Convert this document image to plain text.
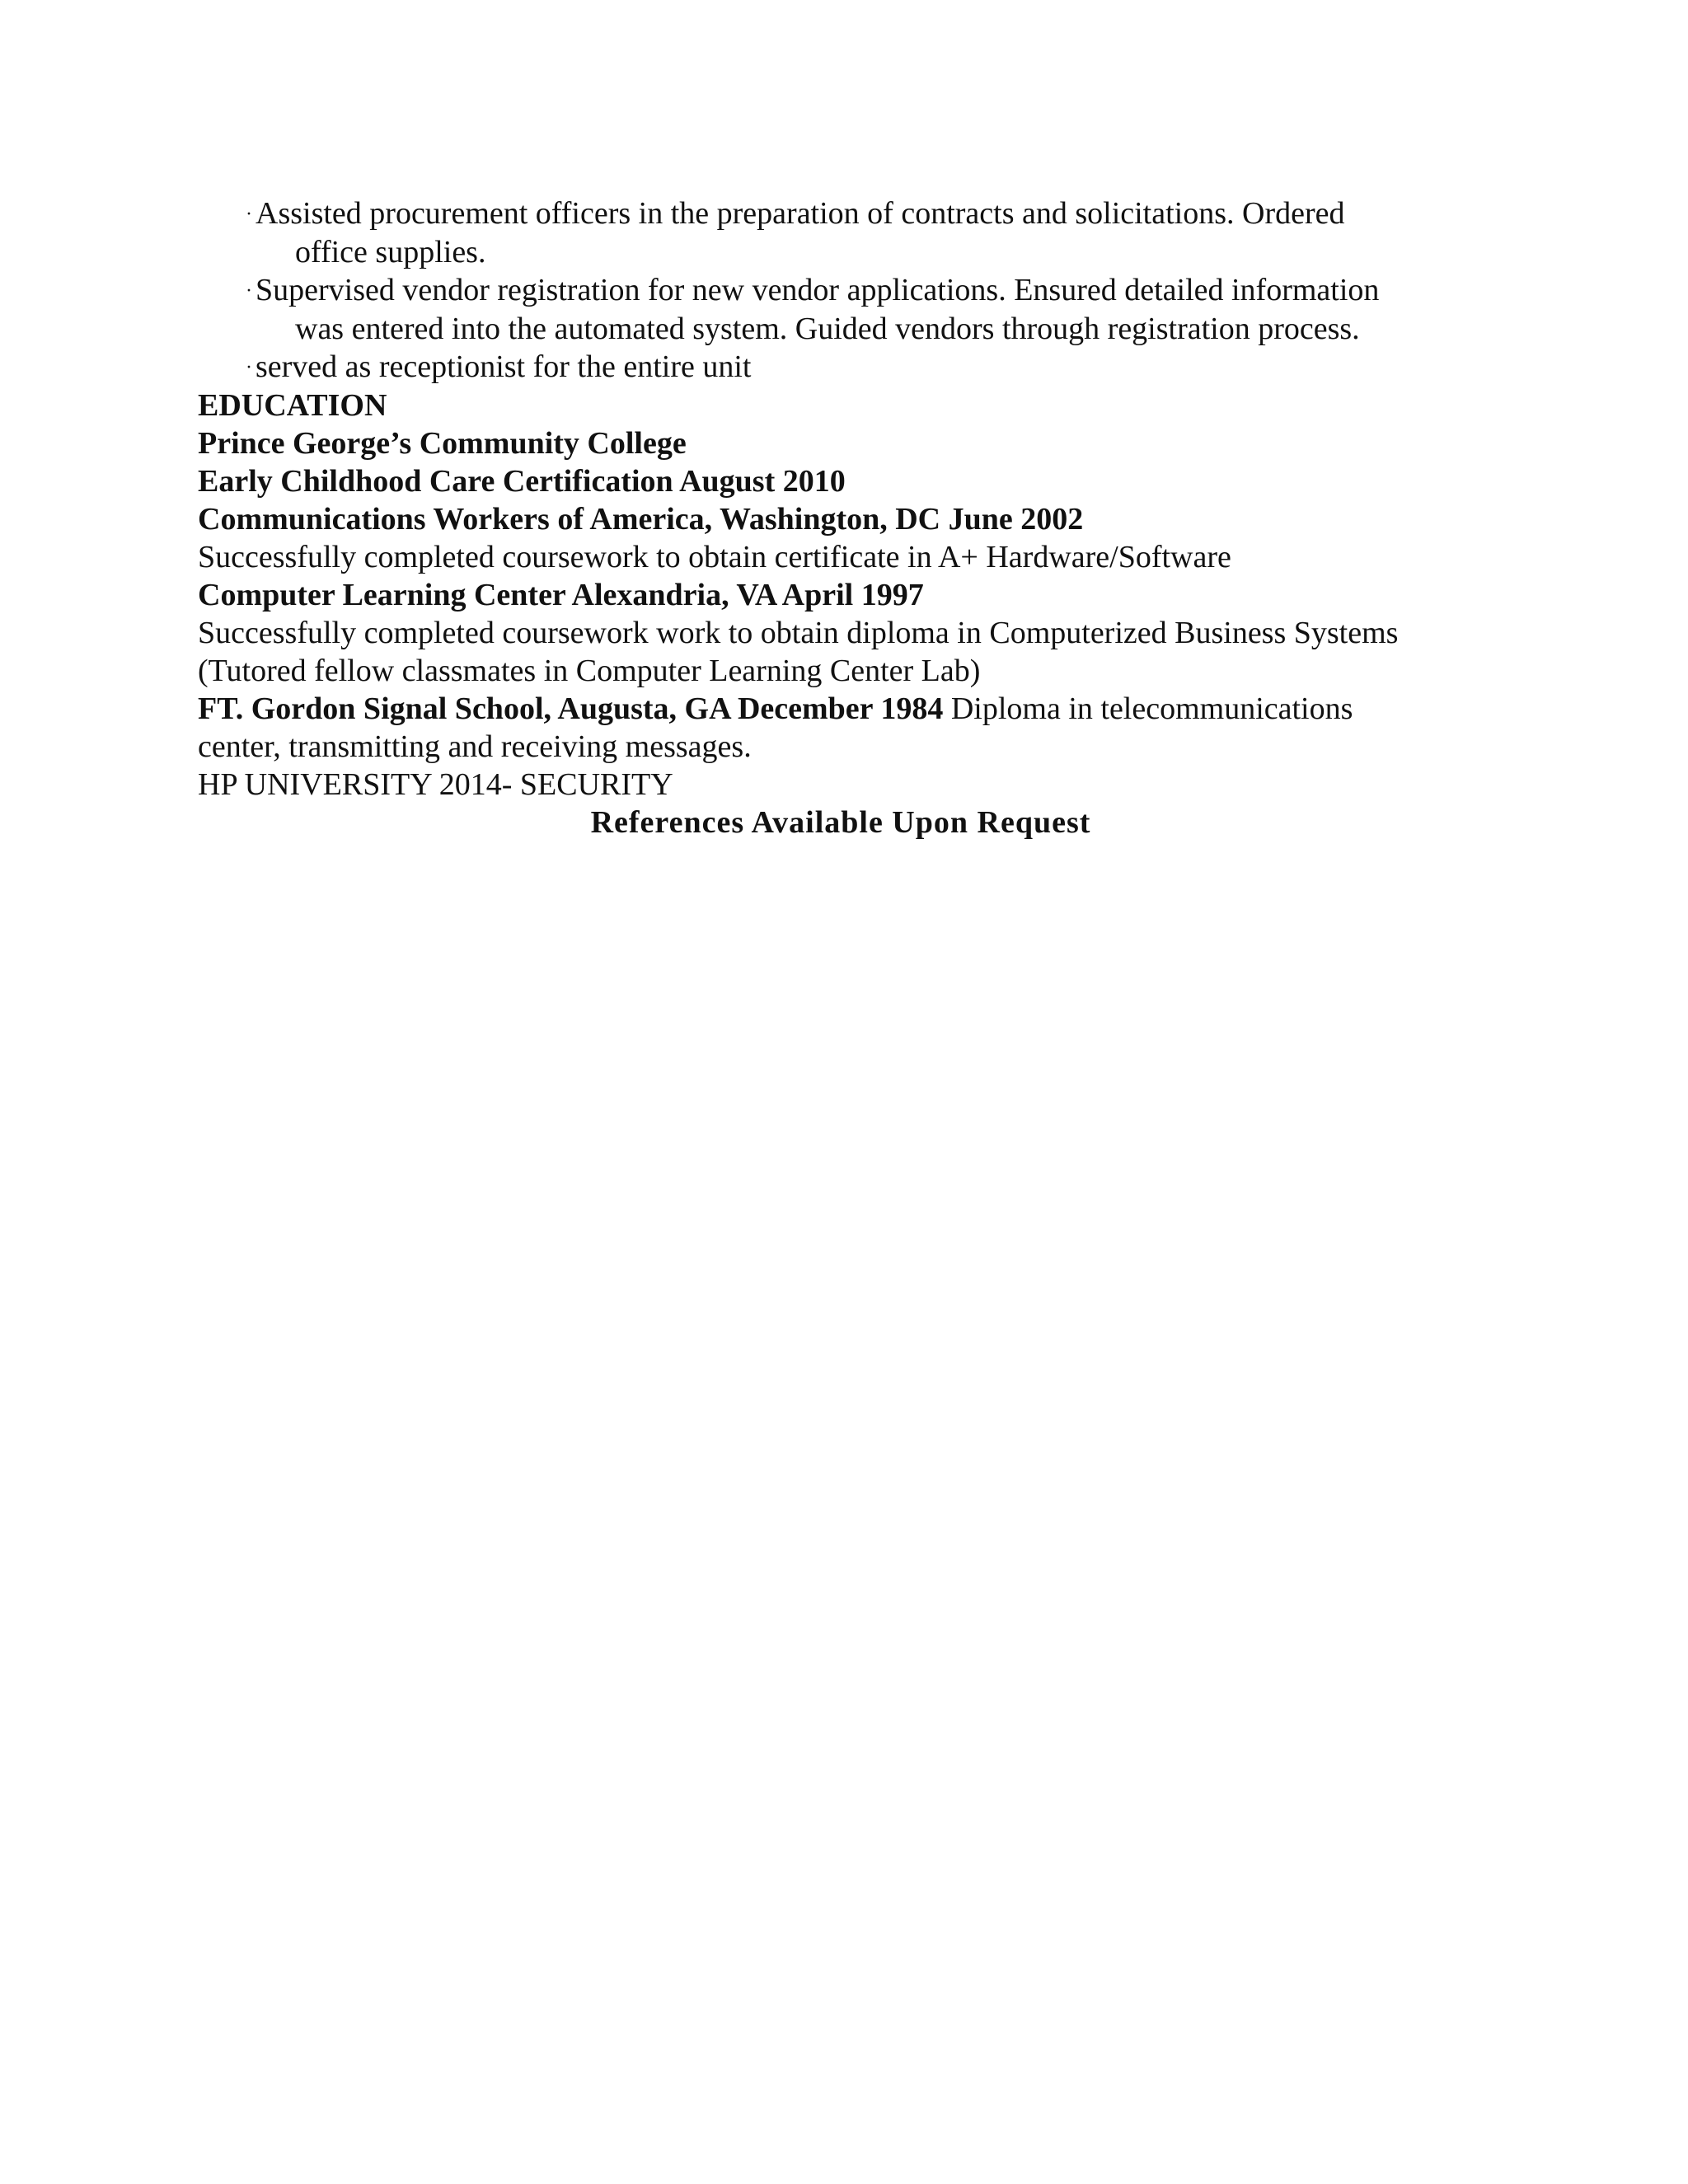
· Assisted procurement officers in the preparation of contracts and solicitations. Ordered
office supplies.
· Supervised vendor registration for new vendor applications. Ensured detailed information
was entered into the automated system. Guided vendors through registration process.
· served as receptionist for the entire unit
EDUCATION
Prince George’s Community College
Early Childhood Care Certification August 2010
Communications Workers of America, Washington, DC June 2002
Successfully completed coursework to obtain certificate in A+ Hardware/Software
Computer Learning Center Alexandria, VA April 1997
Successfully completed coursework work to obtain diploma in Computerized Business Systems
(Tutored fellow classmates in Computer Learning Center Lab)
FT. Gordon Signal School, Augusta, GA December 1984 Diploma in telecommunications
center, transmitting and receiving messages.
HP UNIVERSITY 2014- SECURITY
References Available Upon Request
